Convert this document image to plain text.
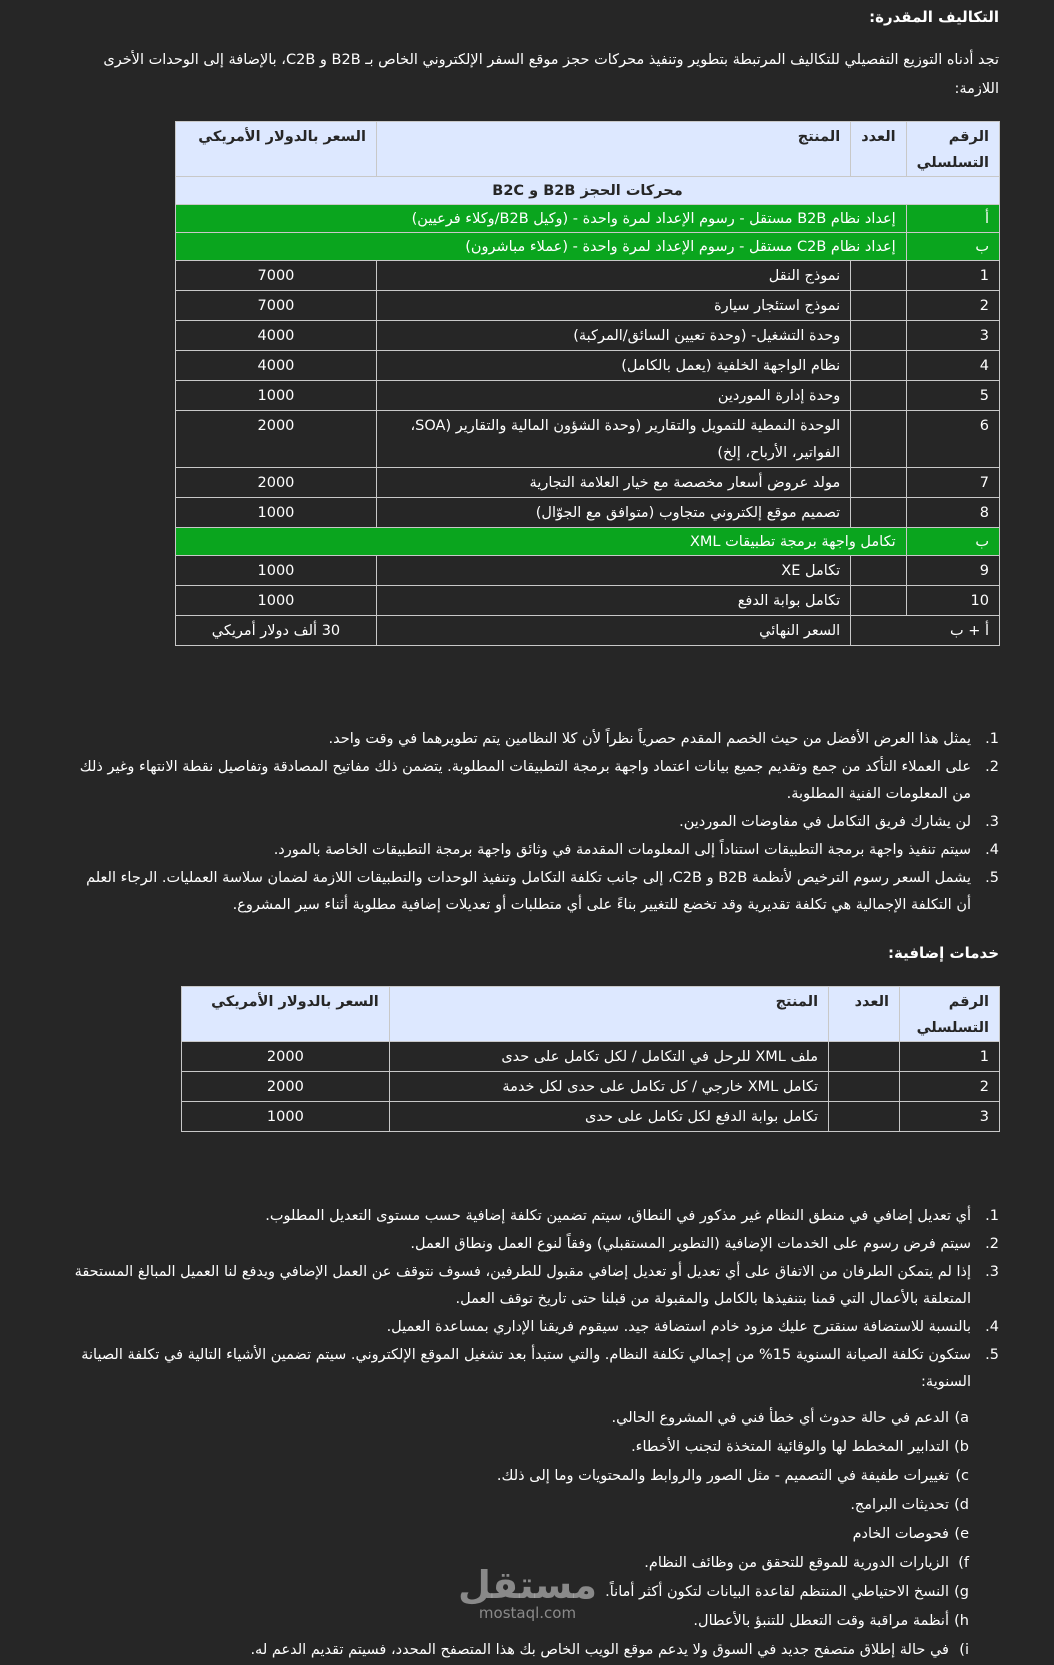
التكاليف المقدرة:
تجد أدناه التوزيع التفصيلي للتكاليف المرتبطة بتطوير وتنفيذ محركات حجز موقع السفر الإلكتروني الخاص بـ B2B و C2B، بالإضافة إلى الوحدات الأخرى اللازمة:
الرقم التسلسلي	العدد	المنتج	السعر بالدولار الأمريكي
محركات الحجز B2B و B2C			
أ	إعداد نظام B2B مستقل - رسوم الإعداد لمرة واحدة - (وكيل B2B/وكلاء فرعيين)		
ب	إعداد نظام C2B مستقل - رسوم الإعداد لمرة واحدة - (عملاء مباشرون)		
1		نموذج النقل	7000
2		نموذج استئجار سيارة	7000
3		وحدة التشغيل- (وحدة تعيين السائق/المركبة)	4000
4		نظام الواجهة الخلفية (يعمل بالكامل)	4000
5		وحدة إدارة الموردين	1000
6		الوحدة النمطية للتمويل والتقارير (وحدة الشؤون المالية والتقارير (SOA، الفواتير، الأرباح، إلخ)	2000
7		مولد عروض أسعار مخصصة مع خيار العلامة التجارية	2000
8		تصميم موقع إلكتروني متجاوب (متوافق مع الجوّال)	1000
ب	تكامل واجهة برمجة تطبيقات XML		
9		تكامل XE	1000
10		تكامل بوابة الدفع	1000
أ + ب		السعر النهائي	30 ألف دولار أمريكي
1.
يمثل هذا العرض الأفضل من حيث الخصم المقدم حصرياً نظراً لأن كلا النظامين يتم تطويرهما في وقت واحد.
2.
على العملاء التأكد من جمع وتقديم جميع بيانات اعتماد واجهة برمجة التطبيقات المطلوبة. يتضمن ذلك مفاتيح المصادقة وتفاصيل نقطة الانتهاء وغير ذلك من المعلومات الفنية المطلوبة.
3.
لن يشارك فريق التكامل في مفاوضات الموردين.
4.
سيتم تنفيذ واجهة برمجة التطبيقات استناداً إلى المعلومات المقدمة في وثائق واجهة برمجة التطبيقات الخاصة بالمورد.
5.
يشمل السعر رسوم الترخيص لأنظمة B2B و C2B، إلى جانب تكلفة التكامل وتنفيذ الوحدات والتطبيقات اللازمة لضمان سلاسة العمليات. الرجاء العلم أن التكلفة الإجمالية هي تكلفة تقديرية وقد تخضع للتغيير بناءً على أي متطلبات أو تعديلات إضافية مطلوبة أثناء سير المشروع.
خدمات إضافية:
الرقم التسلسلي	العدد	المنتج	السعر بالدولار الأمريكي
1		ملف XML للرحل في التكامل / لكل تكامل على حدى	2000
2		تكامل XML خارجي / كل تكامل على حدى لكل خدمة	2000
3		تكامل بوابة الدفع لكل تكامل على حدى	1000
1.
أي تعديل إضافي في منطق النظام غير مذكور في النطاق، سيتم تضمين تكلفة إضافية حسب مستوى التعديل المطلوب.
2.
سيتم فرض رسوم على الخدمات الإضافية (التطوير المستقبلي) وفقاً لنوع العمل ونطاق العمل.
3.
إذا لم يتمكن الطرفان من الاتفاق على أي تعديل أو تعديل إضافي مقبول للطرفين، فسوف نتوقف عن العمل الإضافي ويدفع لنا العميل المبالغ المستحقة المتعلقة بالأعمال التي قمنا بتنفيذها بالكامل والمقبولة من قبلنا حتى تاريخ توقف العمل.
4.
بالنسبة للاستضافة سنقترح عليك مزود خادم استضافة جيد. سيقوم فريقنا الإداري بمساعدة العميل.
5.
ستكون تكلفة الصيانة السنوية 15% من إجمالي تكلفة النظام. والتي ستبدأ بعد تشغيل الموقع الإلكتروني. سيتم تضمين الأشياء التالية في تكلفة الصيانة السنوية:
a)
الدعم في حالة حدوث أي خطأ فني في المشروع الحالي.
b)
التدابير المخطط لها والوقائية المتخذة لتجنب الأخطاء.
c)
تغييرات طفيفة في التصميم - مثل الصور والروابط والمحتويات وما إلى ذلك.
d)
تحديثات البرامج.
e)
فحوصات الخادم
f)
الزيارات الدورية للموقع للتحقق من وظائف النظام.
g)
النسخ الاحتياطي المنتظم لقاعدة البيانات لتكون أكثر أماناً.
h)
أنظمة مراقبة وقت التعطل للتنبؤ بالأعطال.
i)
في حالة إطلاق متصفح جديد في السوق ولا يدعم موقع الويب الخاص بك هذا المتصفح المحدد، فسيتم تقديم الدعم له.
مستقل
mostaql.com
